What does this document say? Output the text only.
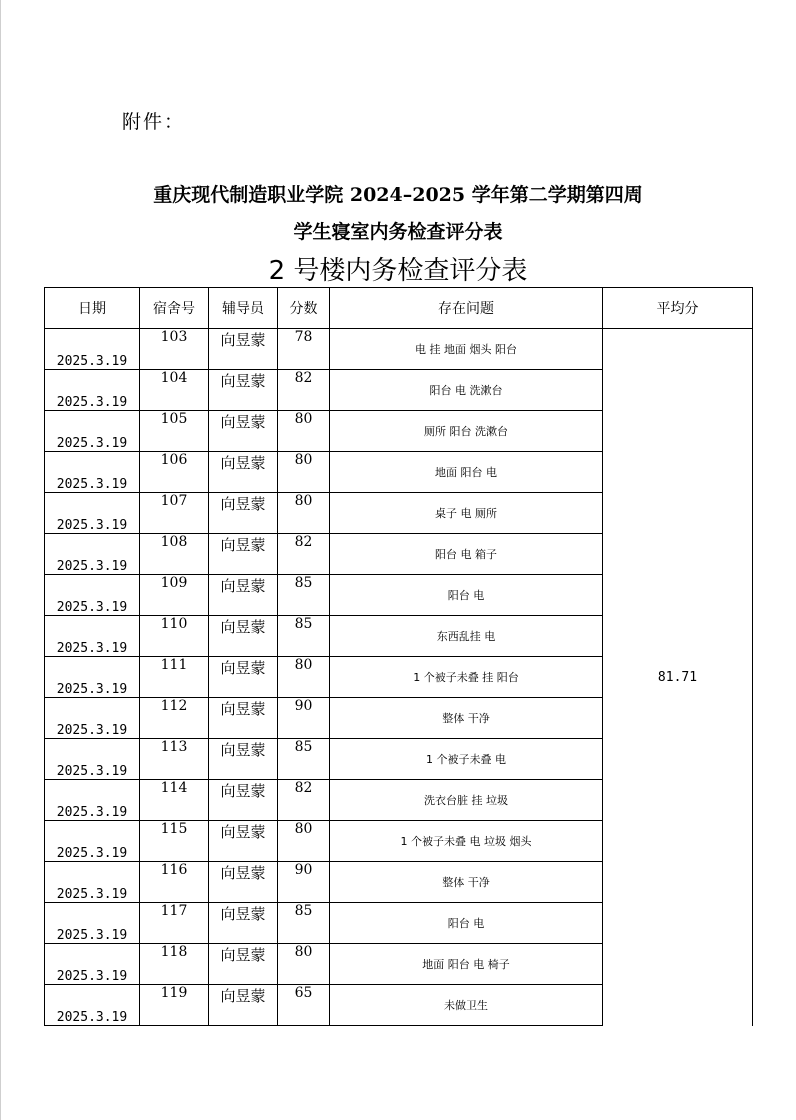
附件：
重庆现代制造职业学院 2024–2025 学年第二学期第四周
学生寝室内务检查评分表
2 号楼内务检查评分表
日期	宿舍号	辅导员	分数	存在问题	平均分
2025.3.19	103	向昱蒙	78	电 挂 地面 烟头 阳台	81.71
2025.3.19	104	向昱蒙	82	阳台 电 洗漱台	
2025.3.19	105	向昱蒙	80	厕所 阳台 洗漱台	
2025.3.19	106	向昱蒙	80	地面 阳台 电	
2025.3.19	107	向昱蒙	80	桌子 电 厕所	
2025.3.19	108	向昱蒙	82	阳台 电 箱子	
2025.3.19	109	向昱蒙	85	阳台 电	
2025.3.19	110	向昱蒙	85	东西乱挂 电	
2025.3.19	111	向昱蒙	80	1 个被子未叠 挂 阳台	
2025.3.19	112	向昱蒙	90	整体 干净	
2025.3.19	113	向昱蒙	85	1 个被子未叠 电	
2025.3.19	114	向昱蒙	82	洗衣台脏 挂 垃圾	
2025.3.19	115	向昱蒙	80	1 个被子未叠 电 垃圾 烟头	
2025.3.19	116	向昱蒙	90	整体 干净	
2025.3.19	117	向昱蒙	85	阳台 电	
2025.3.19	118	向昱蒙	80	地面 阳台 电 椅子	
2025.3.19	119	向昱蒙	65	未做卫生	
